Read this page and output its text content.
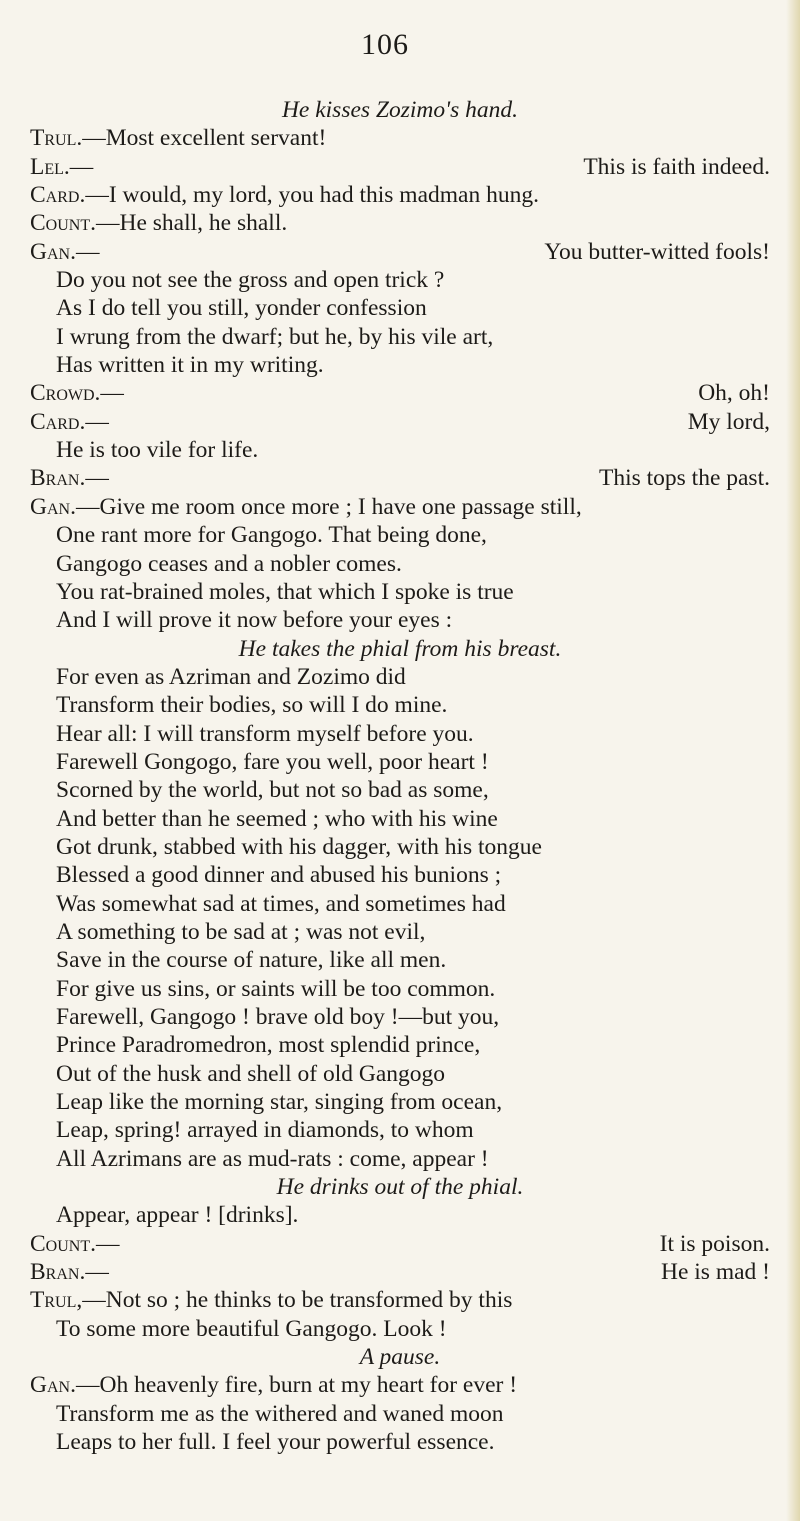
106
He kisses Zozimo's hand.
Trul.—Most excellent servant!
Lel.—	This is faith indeed.
Card.—I would, my lord, you had this madman hung.
Count.—He shall, he shall.
Gan.—	You butter-witted fools!
Do you not see the gross and open trick ?
As I do tell you still, yonder confession
I wrung from the dwarf; but he, by his vile art,
Has written it in my writing.
Crowd.—	Oh, oh!
Card.—	My lord,
He is too vile for life.
Bran.—	This tops the past.
Gan.—Give me room once more ; I have one passage still,
One rant more for Gangogo. That being done,
Gangogo ceases and a nobler comes.
You rat-brained moles, that which I spoke is true
And I will prove it now before your eyes :
He takes the phial from his breast.
For even as Azriman and Zozimo did
Transform their bodies, so will I do mine.
Hear all: I will transform myself before you.
Farewell Gongogo, fare you well, poor heart !
Scorned by the world, but not so bad as some,
And better than he seemed ; who with his wine
Got drunk, stabbed with his dagger, with his tongue
Blessed a good dinner and abused his bunions ;
Was somewhat sad at times, and sometimes had
A something to be sad at ; was not evil,
Save in the course of nature, like all men.
For give us sins, or saints will be too common.
Farewell, Gangogo ! brave old boy !—but you,
Prince Paradromedron, most splendid prince,
Out of the husk and shell of old Gangogo
Leap like the morning star, singing from ocean,
Leap, spring! arrayed in diamonds, to whom
All Azrimans are as mud-rats : come, appear !
He drinks out of the phial.
Appear, appear ! [drinks].
Count.—	It is poison.
Bran.—	He is mad !
Trul,—Not so ; he thinks to be transformed by this
To some more beautiful Gangogo. Look !
A pause.
Gan.—Oh heavenly fire, burn at my heart for ever !
Transform me as the withered and waned moon
Leaps to her full. I feel your powerful essence.
